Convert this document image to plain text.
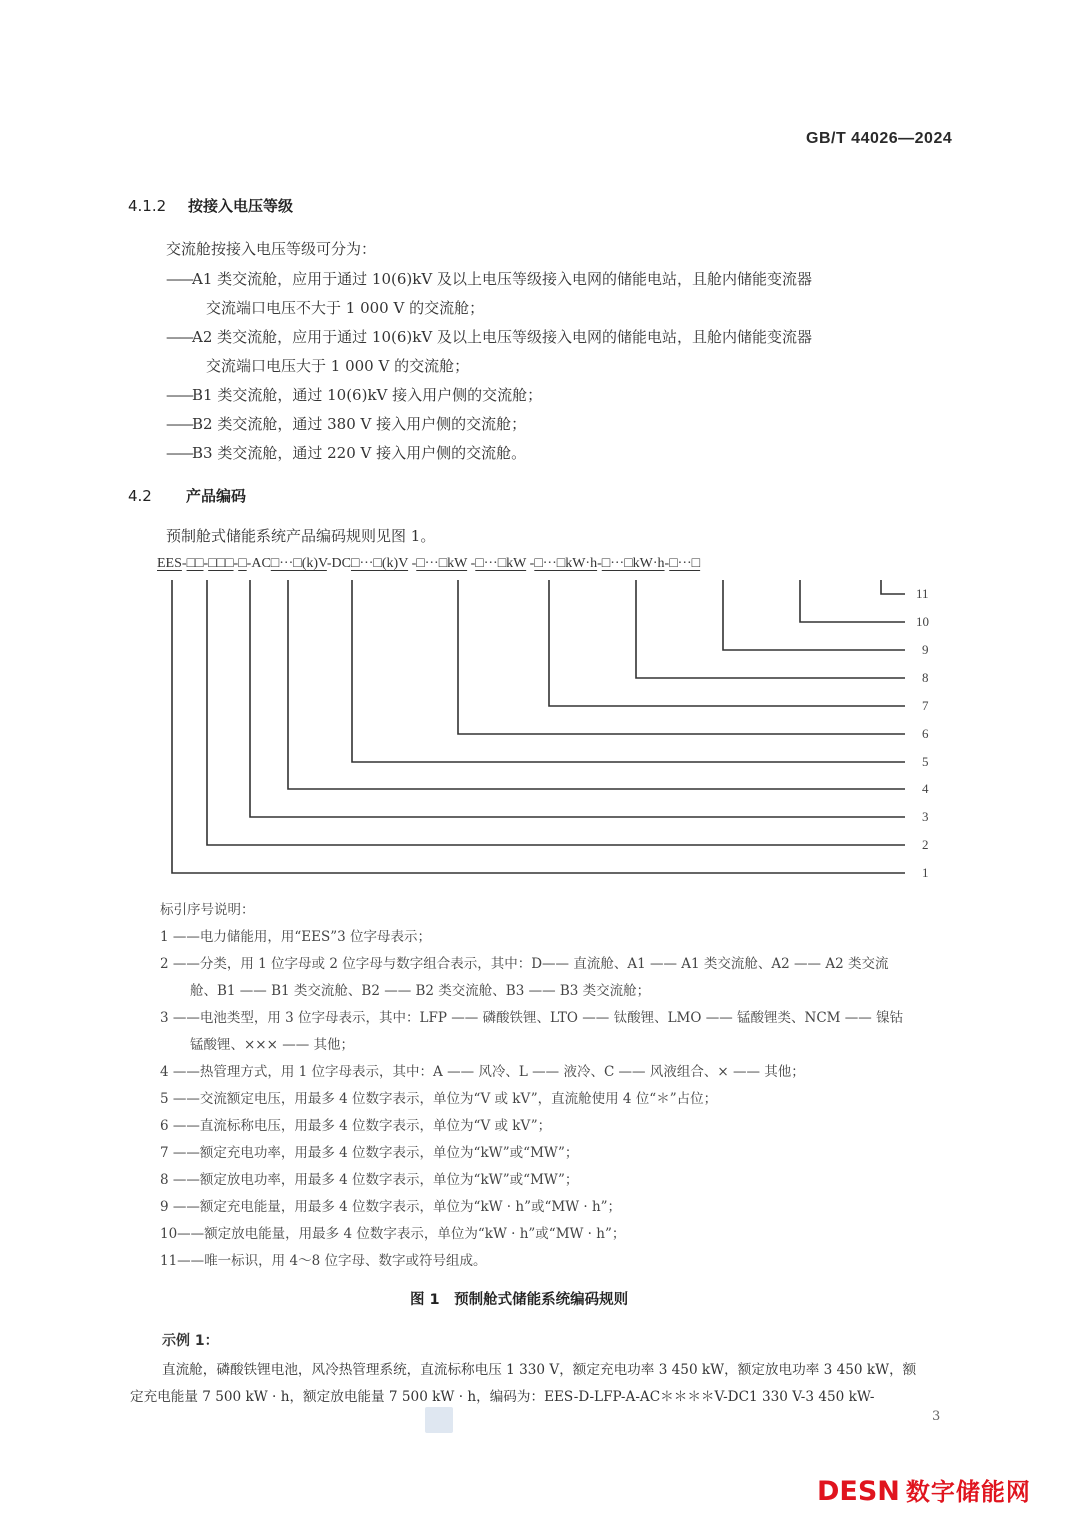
GB/T 44026—2024
4.1.2 按接入电压等级
交流舱按接入电压等级可分为：
——A1 类交流舱，应用于通过 10(6)kV 及以上电压等级接入电网的储能电站，且舱内储能变流器
交流端口电压不大于 1 000 V 的交流舱；
——A2 类交流舱，应用于通过 10(6)kV 及以上电压等级接入电网的储能电站，且舱内储能变流器
交流端口电压大于 1 000 V 的交流舱；
——B1 类交流舱，通过 10(6)kV 接入用户侧的交流舱；
——B2 类交流舱，通过 380 V 接入用户侧的交流舱；
——B3 类交流舱，通过 220 V 接入用户侧的交流舱。
4.2 产品编码
预制舱式储能系统产品编码规则见图 1。
EES-□□-□□□-□-AC□···□(k)V-DC□···□(k)V -□···□kW -□···□kW -□···□kW·h-□···□kW·h-□···□
11
10
9
8
7
6
5
4
3
2
1
标引序号说明：
1 ——电力储能用，用“EES”3 位字母表示；
2 ——分类，用 1 位字母或 2 位字母与数字组合表示，其中：D—— 直流舱、A1 —— A1 类交流舱、A2 —— A2 类交流
舱、B1 —— B1 类交流舱、B2 —— B2 类交流舱、B3 —— B3 类交流舱；
3 ——电池类型，用 3 位字母表示，其中：LFP —— 磷酸铁锂、LTO —— 钛酸锂、LMO —— 锰酸锂类、NCM —— 镍钴
锰酸锂、××× —— 其他；
4 ——热管理方式，用 1 位字母表示，其中：A —— 风冷、L —— 液冷、C —— 风液组合、× —— 其他；
5 ——交流额定电压，用最多 4 位数字表示，单位为“V 或 kV”，直流舱使用 4 位“＊”占位；
6 ——直流标称电压，用最多 4 位数字表示，单位为“V 或 kV”；
7 ——额定充电功率，用最多 4 位数字表示，单位为“kW”或“MW”；
8 ——额定放电功率，用最多 4 位数字表示，单位为“kW”或“MW”；
9 ——额定充电能量，用最多 4 位数字表示，单位为“kW · h”或“MW · h”；
10——额定放电能量，用最多 4 位数字表示，单位为“kW · h”或“MW · h”；
11——唯一标识，用 4～8 位字母、数字或符号组成。
图 1　预制舱式储能系统编码规则
示例 1：
直流舱，磷酸铁锂电池，风冷热管理系统，直流标称电压 1 330 V，额定充电功率 3 450 kW，额定放电功率 3 450 kW，额
定充电能量 7 500 kW · h，额定放电能量 7 500 kW · h，编码为：EES-D-LFP-A-AC＊＊＊＊V-DC1 330 V-3 450 kW-
3
DESN 数字储能网
